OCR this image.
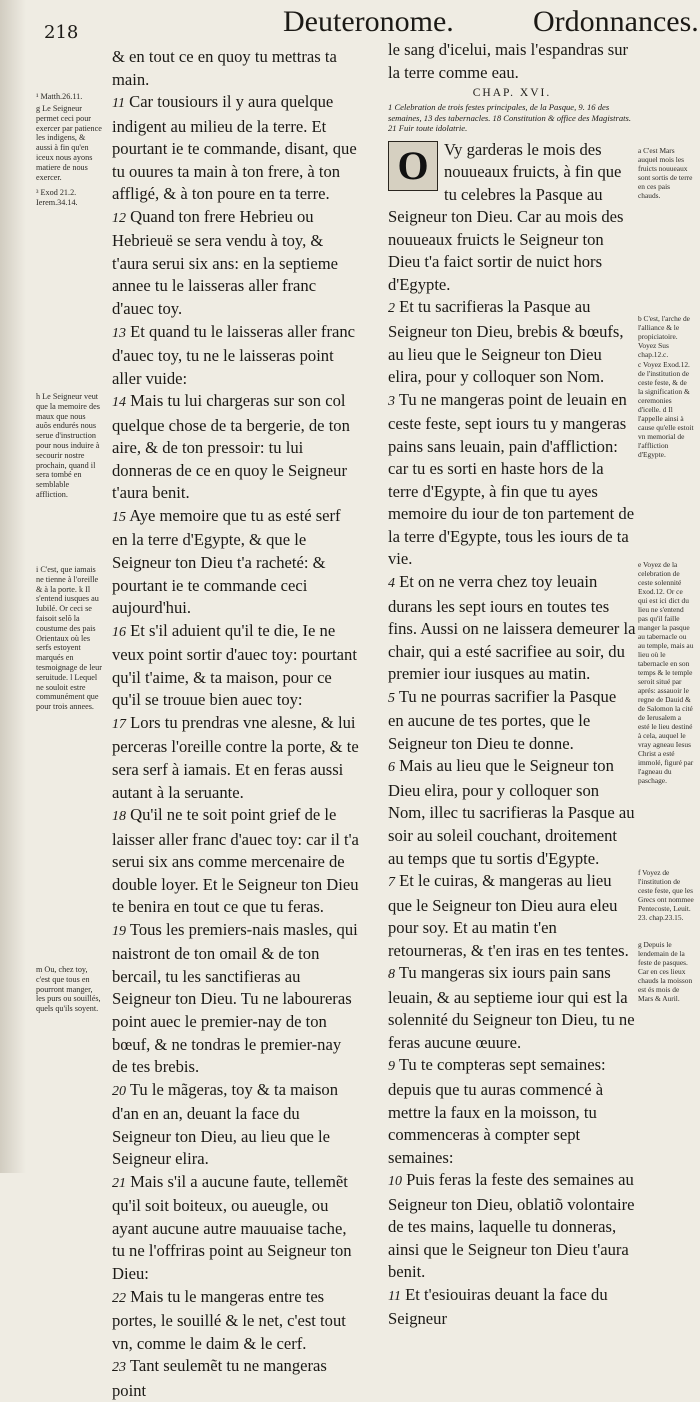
218	Deuteronome.	Ordonnances.

& en tout ce en quoy tu mettras ta main.

11 Car tousiours il y aura quelque indigent au milieu de la terre. Et pourtant ie te commande, disant, que tu ouures ta main à ton frere, à ton affligé, & à ton poure en ta terre.

12 Quand ton frere Hebrieu ou Hebrieuë se sera vendu à toy, & t'aura serui six ans: en la septieme annee tu le laisseras aller franc d'auec toy.

13 Et quand tu le laisseras aller franc d'auec toy, tu ne le laisseras point aller vuide:

14 Mais tu lui chargeras sur son col quelque chose de ta bergerie, de ton aire, & de ton pressoir: tu lui donneras de ce en quoy le Seigneur t'aura benit.

15 Aye memoire que tu as esté serf en la terre d'Egypte, & que le Seigneur ton Dieu t'a racheté: & pourtant ie te commande ceci aujourd'hui.

16 Et s'il aduient qu'il te die, Ie ne veux point sortir d'auec toy: pourtant qu'il t'aime, & ta maison, pour ce qu'il se trouue bien auec toy:

17 Lors tu prendras vne alesne, & lui perceras l'oreille contre la porte, & te sera serf à iamais. Et en feras aussi autant à la seruante.

18 Qu'il ne te soit point grief de le laisser aller franc d'auec toy: car il t'a serui six ans comme mercenaire de double loyer. Et le Seigneur ton Dieu te benira en tout ce que tu feras.

19 Tous les premiers-nais masles, qui naistront de ton omail & de ton bercail, tu les sanctifieras au Seigneur ton Dieu. Tu ne laboureras point auec le premier-nay de ton bœuf, & ne tondras le premier-nay de tes brebis.

20 Tu le mãgeras, toy & ta maison d'an en an, deuant la face du Seigneur ton Dieu, au lieu que le Seigneur elira.

21 Mais s'il a aucune faute, tellemẽt qu'il soit boiteux, ou aueugle, ou ayant aucune autre mauuaise tache, tu ne l'offriras point au Seigneur ton Dieu:

22 Mais tu le mangeras entre tes portes, le souillé & le net, c'est tout vn, comme le daim & le cerf.

23 Tant seulemẽt tu ne mangeras point

le sang d'icelui, mais l'espandras sur la terre comme eau.

CHAP. XVI.

1 Celebration de trois festes principales, de la Pasque, 9. 16 des semaines, 13 des tabernacles. 18 Constitution & office des Magistrats. 21 Fuir toute idolatrie.

O Vy garderas le mois des nouueaux fruicts, à fin que tu celebres la Pasque au Seigneur ton Dieu. Car au mois des nouueaux fruicts le Seigneur ton Dieu t'a faict sortir de nuict hors d'Egypte.

2 Et tu sacrifieras la Pasque au Seigneur ton Dieu, brebis & bœufs, au lieu que le Seigneur ton Dieu elira, pour y colloquer son Nom.

3 Tu ne mangeras point de leuain en ceste feste, sept iours tu y mangeras pains sans leuain, pain d'affliction: car tu es sorti en haste hors de la terre d'Egypte, à fin que tu ayes memoire du iour de ton partement de la terre d'Egypte, tous les iours de ta vie.

4 Et on ne verra chez toy leuain durans les sept iours en toutes tes fins. Aussi on ne laissera demeurer la chair, qui a esté sacrifiee au soir, du premier iour iusques au matin.

5 Tu ne pourras sacrifier la Pasque en aucune de tes portes, que le Seigneur ton Dieu te donne.

6 Mais au lieu que le Seigneur ton Dieu elira, pour y colloquer son Nom, illec tu sacrifieras la Pasque au soir au soleil couchant, droitement au temps que tu sortis d'Egypte.

7 Et le cuiras, & mangeras au lieu que le Seigneur ton Dieu aura eleu pour soy. Et au matin t'en retourneras, & t'en iras en tes tentes.

8 Tu mangeras six iours pain sans leuain, & au septieme iour qui est la solennité du Seigneur ton Dieu, tu ne feras aucune œuure.

9 Tu te compteras sept semaines: depuis que tu auras commencé à mettre la faux en la moisson, tu commenceras à compter sept semaines:

10 Puis feras la feste des semaines au Seigneur ton Dieu, oblatiõ volontaire de tes mains, laquelle tu donneras, ainsi que le Seigneur ton Dieu t'aura benit.

11 Et t'esiouiras deuant la face du Seigneur

¹ Matth.26.11.
g Le Seigneur permet ceci pour exercer par patience les indigens, & aussi à fin qu'en iceux nous ayons matiere de nous exercer.
³ Exod 21.2. Ierem.34.14.
h Le Seigneur veut que la memoire des maux que nous auõs endurés nous serue d'instruction pour nous induire à secourir nostre prochain, quand il sera tombé en semblable affliction.
i C'est, que iamais ne tienne à l'oreille & à la porte. k Il s'entend iusques au Iubilé. Or ceci se faisoit selõ la coustume des pais Orientaux où les serfs estoyent marqués en tesmoignage de leur seruitude. l Lequel ne souloit estre communément que pour trois annees.
m Ou, chez toy, c'est que tous en pourront manger, les purs ou souillés, quels qu'ils soyent.
a C'est Mars auquel mois les fruicts nouueaux sont sortis de terre en ces pais chauds.
b C'est, l'arche de l'alliance & le propiciatoire. Voyez Sus chap.12.c.
c Voyez Exod.12. de l'institution de ceste feste, & de la signification & ceremonies d'icelle. d Il l'appelle ainsi à cause qu'elle estoit vn memorial de l'affliction d'Egypte.
e Voyez de la celebration de ceste solennité Exod.12. Or ce qui est ici dict du lieu ne s'entend pas qu'il faille manger la pasque au tabernacle ou au temple, mais au lieu où le tabernacle en son temps & le temple seroit situé par aprés: assauoir le regne de Dauid & de Salomon la cité de Ierusalem a esté le lieu destiné à cela, auquel le vray agneau Iesus Christ a esté immolé, figuré par l'agneau du paschage.
f Voyez de l'institution de ceste feste, que les Grecs ont nommee Pentecoste, Leuit. 23. chap.23.15.
g Depuis le lendemain de la feste de pasques. Car en ces lieux chauds la moisson est és mois de Mars & Auril.
